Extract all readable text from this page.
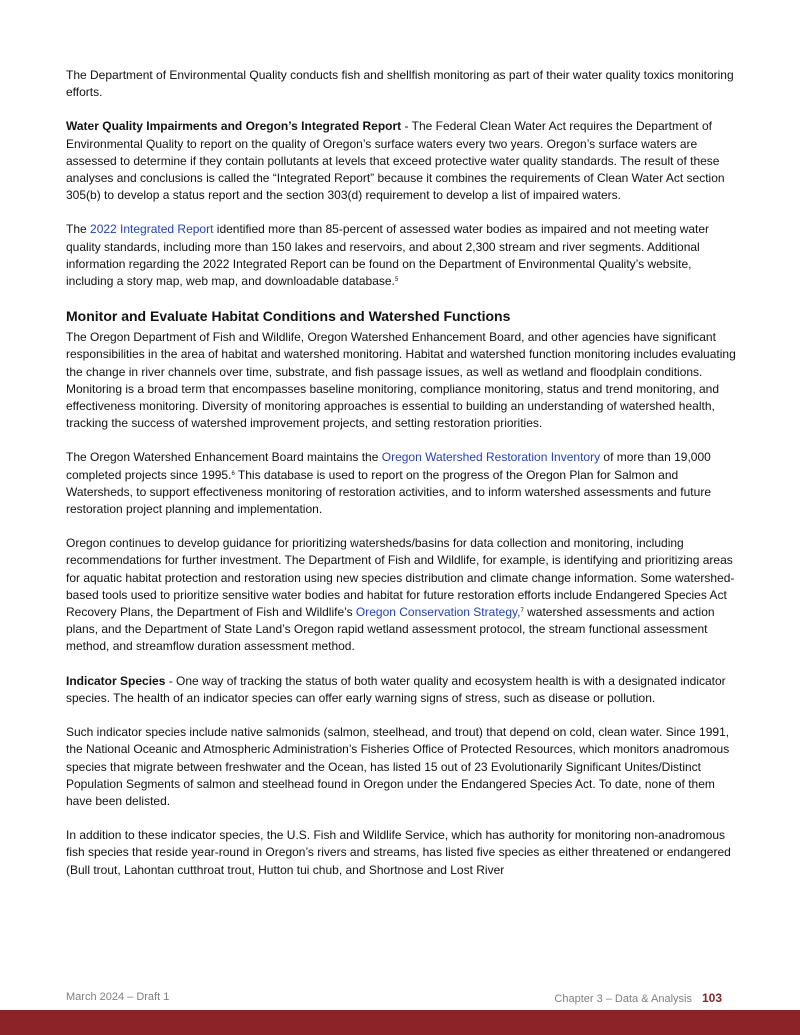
The Department of Environmental Quality conducts fish and shellfish monitoring as part of their water quality toxics monitoring efforts.

Water Quality Impairments and Oregon’s Integrated Report - The Federal Clean Water Act requires the Department of Environmental Quality to report on the quality of Oregon’s surface waters every two years. Oregon’s surface waters are assessed to determine if they contain pollutants at levels that exceed protective water quality standards. The result of these analyses and conclusions is called the “Integrated Report” because it combines the requirements of Clean Water Act section 305(b) to develop a status report and the section 303(d) requirement to develop a list of impaired waters.

The 2022 Integrated Report identified more than 85-percent of assessed water bodies as impaired and not meeting water quality standards, including more than 150 lakes and reservoirs, and about 2,300 stream and river segments. Additional information regarding the 2022 Integrated Report can be found on the Department of Environmental Quality’s website, including a story map, web map, and downloadable database.$^5$

Monitor and Evaluate Habitat Conditions and Watershed Functions

The Oregon Department of Fish and Wildlife, Oregon Watershed Enhancement Board, and other agencies have significant responsibilities in the area of habitat and watershed monitoring. Habitat and watershed function monitoring includes evaluating the change in river channels over time, substrate, and fish passage issues, as well as wetland and floodplain conditions. Monitoring is a broad term that encompasses baseline monitoring, compliance monitoring, status and trend monitoring, and effectiveness monitoring. Diversity of monitoring approaches is essential to building an understanding of watershed health, tracking the success of watershed improvement projects, and setting restoration priorities.

The Oregon Watershed Enhancement Board maintains the Oregon Watershed Restoration Inventory of more than 19,000 completed projects since 1995.$^6$ This database is used to report on the progress of the Oregon Plan for Salmon and Watersheds, to support effectiveness monitoring of restoration activities, and to inform watershed assessments and future restoration project planning and implementation.

Oregon continues to develop guidance for prioritizing watersheds/basins for data collection and monitoring, including recommendations for further investment. The Department of Fish and Wildlife, for example, is identifying and prioritizing areas for aquatic habitat protection and restoration using new species distribution and climate change information. Some watershed-based tools used to prioritize sensitive water bodies and habitat for future restoration efforts include Endangered Species Act Recovery Plans, the Department of Fish and Wildlife’s Oregon Conservation Strategy,$^7$ watershed assessments and action plans, and the Department of State Land’s Oregon rapid wetland assessment protocol, the stream functional assessment method, and streamflow duration assessment method.

Indicator Species - One way of tracking the status of both water quality and ecosystem health is with a designated indicator species. The health of an indicator species can offer early warning signs of stress, such as disease or pollution.

Such indicator species include native salmonids (salmon, steelhead, and trout) that depend on cold, clean water. Since 1991, the National Oceanic and Atmospheric Administration’s Fisheries Office of Protected Resources, which monitors anadromous species that migrate between freshwater and the Ocean, has listed 15 out of 23 Evolutionarily Significant Unites/Distinct Population Segments of salmon and steelhead found in Oregon under the Endangered Species Act. To date, none of them have been delisted.

In addition to these indicator species, the U.S. Fish and Wildlife Service, which has authority for monitoring non-anadromous fish species that reside year-round in Oregon’s rivers and streams, has listed five species as either threatened or endangered (Bull trout, Lahontan cutthroat trout, Hutton tui chub, and Shortnose and Lost River

March 2024 – Draft 1	Chapter 3 – Data & Analysis 103
